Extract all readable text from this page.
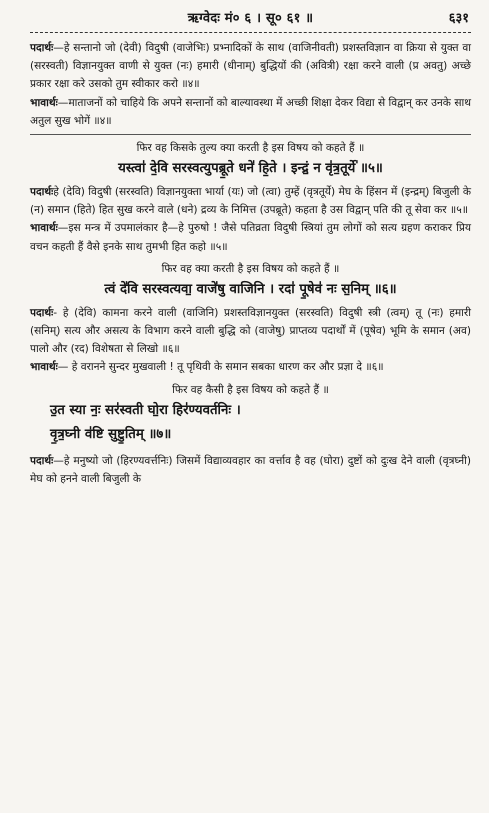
ऋग्वेदः मं० ६ । सू० ६१ ॥	६३१

पदार्थः—हे सन्तानो जो (देवी) विदुषी (वाजेभिः) प्रभ्नादिकों के साथ (वाजिनीवती) प्रशस्तविज्ञान वा क्रिया से युक्त वा (सरस्वती) विज्ञानयुक्त वाणी से युक्त (नः) हमारी (धीनाम्) बुद्धियों की (अवित्री) रक्षा करने वाली (प्र अवतु) अच्छे प्रकार रक्षा करे उसको तुम स्वीकार करो ॥४॥

भावार्थः—माताजनों को चाहिये कि अपने सन्तानों को बाल्यावस्था में अच्छी शिक्षा देकर विद्या से विद्वान् कर उनके साथ अतुल सुख भोगें ॥४॥

फिर वह किसके तुल्य क्या करती है इस विषय को कहते हैं ॥

यस्त्वा॑ दे॒वि सरस्वत्युपब्रू॒ते धने॑ हि॒ते । इन्द्रं॒ न वृ॑त्र॒तूर्ये॑ ॥५॥

पदार्थःहे (देवि) विदुषी (सरस्वति) विज्ञानयुक्ता भार्या (यः) जो (त्वा) तुम्हें (वृत्रतूर्ये) मेघ के हिंसन में (इन्द्रम्) बिजुली के (न) समान (हिते) हित सुख करने वाले (धने) द्रव्य के निमित्त (उपब्रूते) कहता है उस विद्वान् पति की तू सेवा कर ॥५॥

भावार्थः—इस मन्त्र में उपमालंकार है—हे पुरुषो ! जैसे पतिव्रता विदुषी स्त्रियां तुम लोगों को सत्य ग्रहण कराकर प्रिय वचन कहती हैं वैसे इनके साथ तुमभी हित कहो ॥५॥

फिर वह क्या करती है इस विषय को कहते हैं ॥

त्वं दे॑वि सरस्वत्यवा॒ वाजे॑षु वाजिनि । रदा॑ पू॒षेव॑ नः स॒निम् ॥६॥

पदार्थः- हे (देवि) कामना करने वाली (वाजिनि) प्रशस्तविज्ञानयुक्त (सरस्वति) विदुषी स्त्री (त्वम्) तू (नः) हमारी (सनिम्) सत्य और असत्य के विभाग करने वाली बुद्धि को (वाजेषु) प्राप्तव्य पदार्थों में (पूषेव) भूमि के समान (अव) पालो और (रद) विशेषता से लिखो ॥६॥

भावार्थः— हे वरानने सुन्दर मुखवाली ! तू पृथिवी के समान सबका धारण कर और प्रज्ञा दे ॥६॥

फिर वह कैसी है इस विषय को कहते हैं ॥

उ॒त स्या नः॒ सर॑स्वती घो॒रा हिर॑ण्यवर्तनिः ।

वृ॒त्र॒घ्नी व॑ष्टि सुष्टु॒तिम् ॥७॥

पदार्थः—हे मनुष्यो जो (हिरण्यवर्त्तनिः) जिसमें विद्याव्यवहार का वर्त्ताव है वह (घोरा) दुष्टों को दुःख देने वाली (वृत्रघ्नी) मेघ को हनने वाली बिजुली के
